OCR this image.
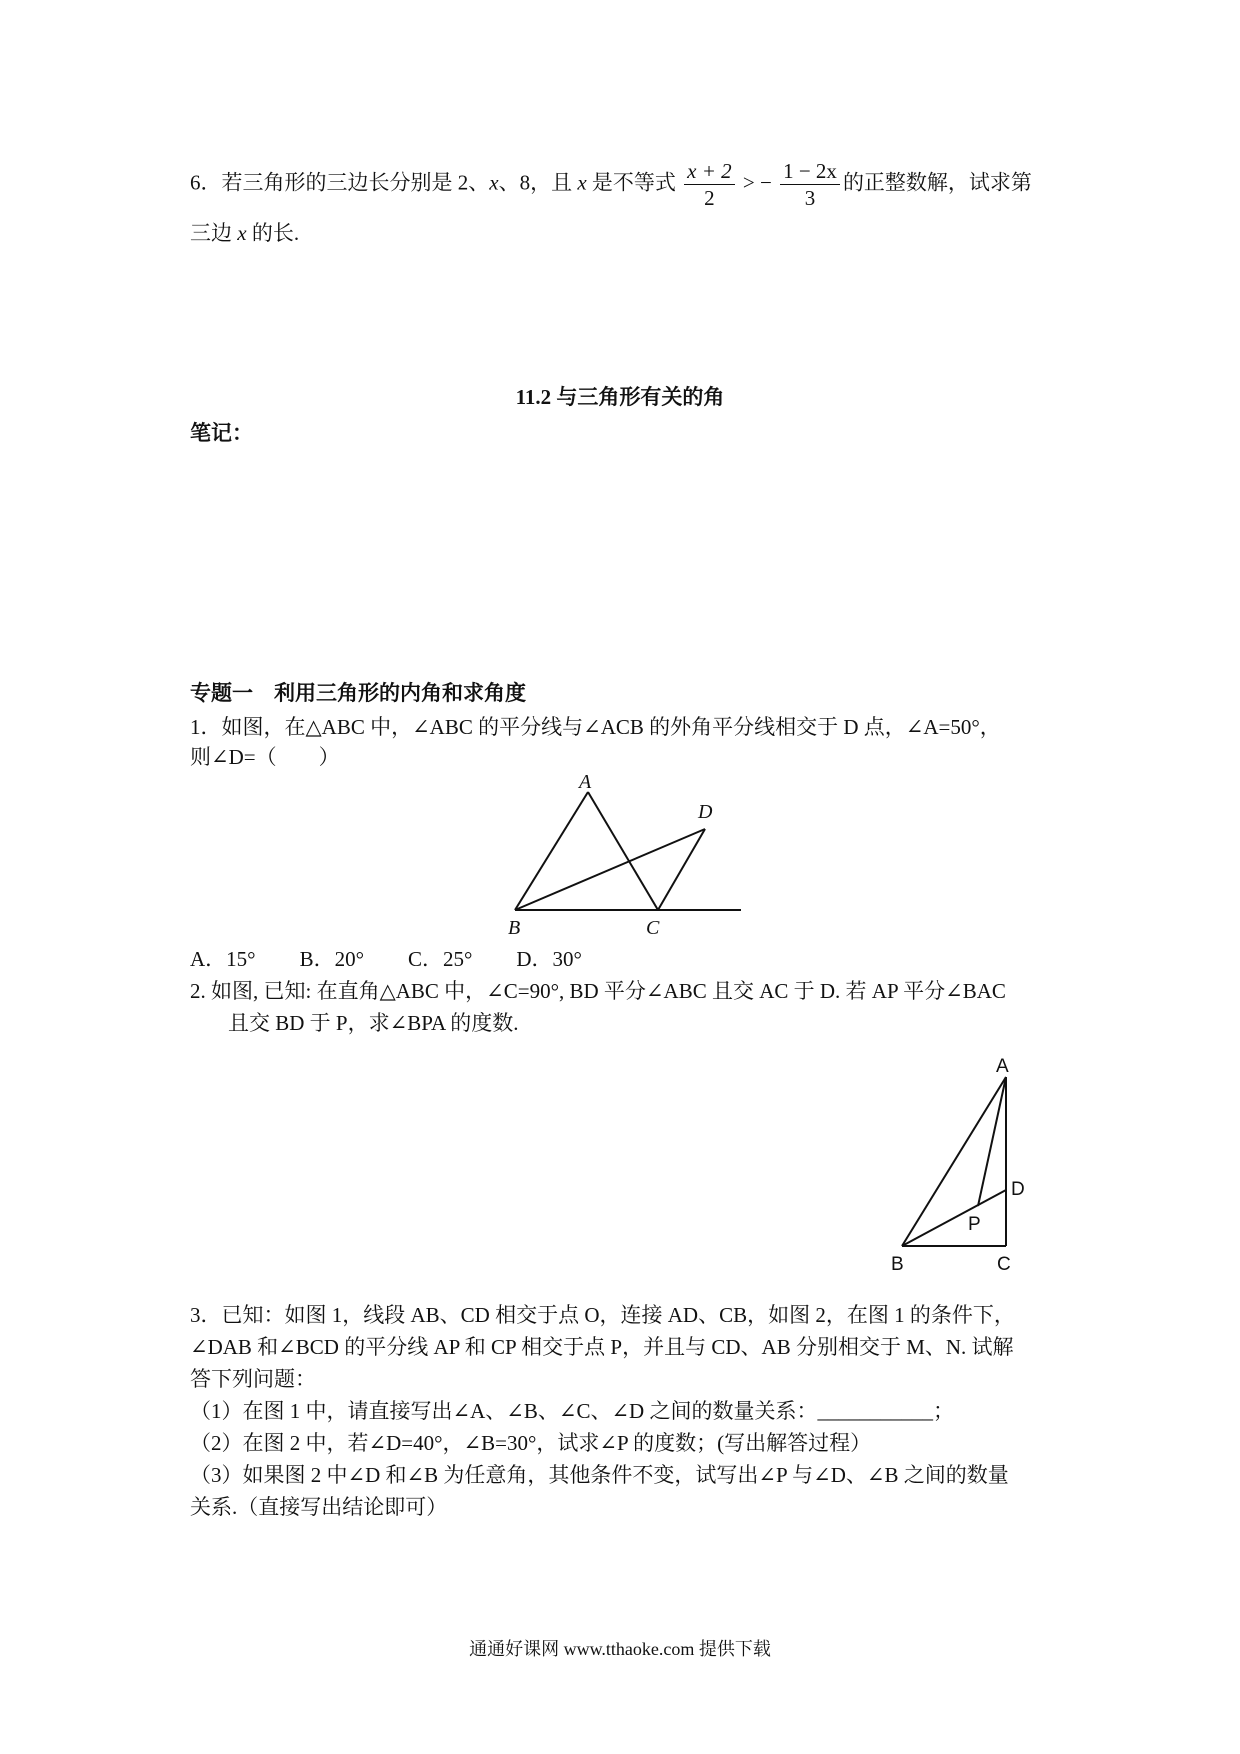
6．若三角形的三边长分别是 2、x、8，且 x 是不等式 $\frac{x + 2}{2}$ > − $\frac{1 - 2x}{3}$ 的正整数解，试求第
三边 x 的长.
11.2 与三角形有关的角
笔记：
专题一　利用三角形的内角和求角度
1．如图，在△ABC 中，∠ABC 的平分线与∠ACB 的外角平分线相交于 D 点，∠A=50°，
则∠D=（　　）
A
B	C
D
A．15° B．20° C．25° D．30°
2. 如图, 已知: 在直角△ABC 中，∠C=90°, BD 平分∠ABC 且交 AC 于 D. 若 AP 平分∠BAC
且交 BD 于 P，求∠BPA 的度数.
A
B	C
D
P
3．已知：如图 1，线段 AB、CD 相交于点 O，连接 AD、CB，如图 2，在图 1 的条件下，
∠DAB 和∠BCD 的平分线 AP 和 CP 相交于点 P，并且与 CD、AB 分别相交于 M、N. 试解
答下列问题：
（1）在图 1 中，请直接写出∠A、∠B、∠C、∠D 之间的数量关系：___________；
（2）在图 2 中，若∠D=40°，∠B=30°，试求∠P 的度数；(写出解答过程）
（3）如果图 2 中∠D 和∠B 为任意角，其他条件不变，试写出∠P 与∠D、∠B 之间的数量
关系.（直接写出结论即可）
通通好课网 www.tthaoke.com 提供下载
